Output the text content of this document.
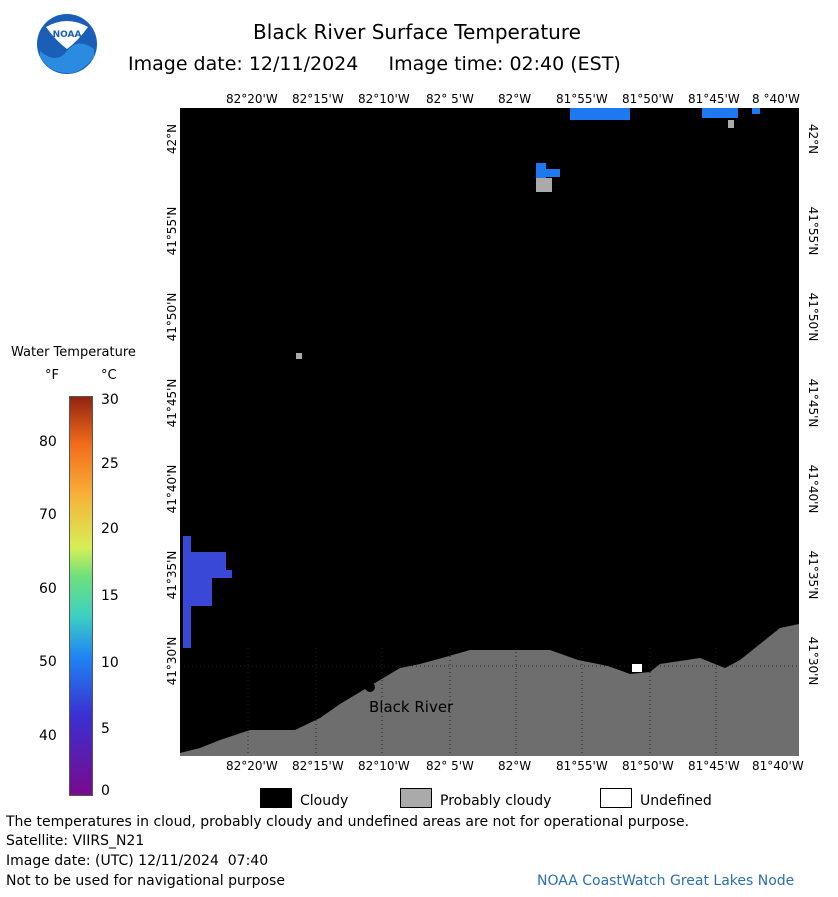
NOAA	Black River Surface Temperature
Image date: 12/11/2024     Image time: 02:40 (EST)
82°20'W 82°15'W 82°10'W 82° 5'W 82°W 81°55'W 81°50'W 81°45'W 8 °40'W
82°20'W 82°15'W 82°10'W 82° 5'W 82°W 81°55'W 81°50'W 81°45'W 81°40'W
42°N
41°55'N
41°50'N
41°45'N
41°40'N
41°35'N
41°30'N
42°N
41°55'N
41°50'N
41°45'N
41°40'N
41°35'N
41°30'N
Black River
Water Temperature
°F	°C
80
70
60
50
40
30
25
20
15
10
5
0
Cloudy	Probably cloudy	Undefined
The temperatures in cloud, probably cloudy and undefined areas are not for operational purpose.
Satellite: VIIRS_N21
Image date: (UTC) 12/11/2024  07:40
Not to be used for navigational purpose	NOAA CoastWatch Great Lakes Node
